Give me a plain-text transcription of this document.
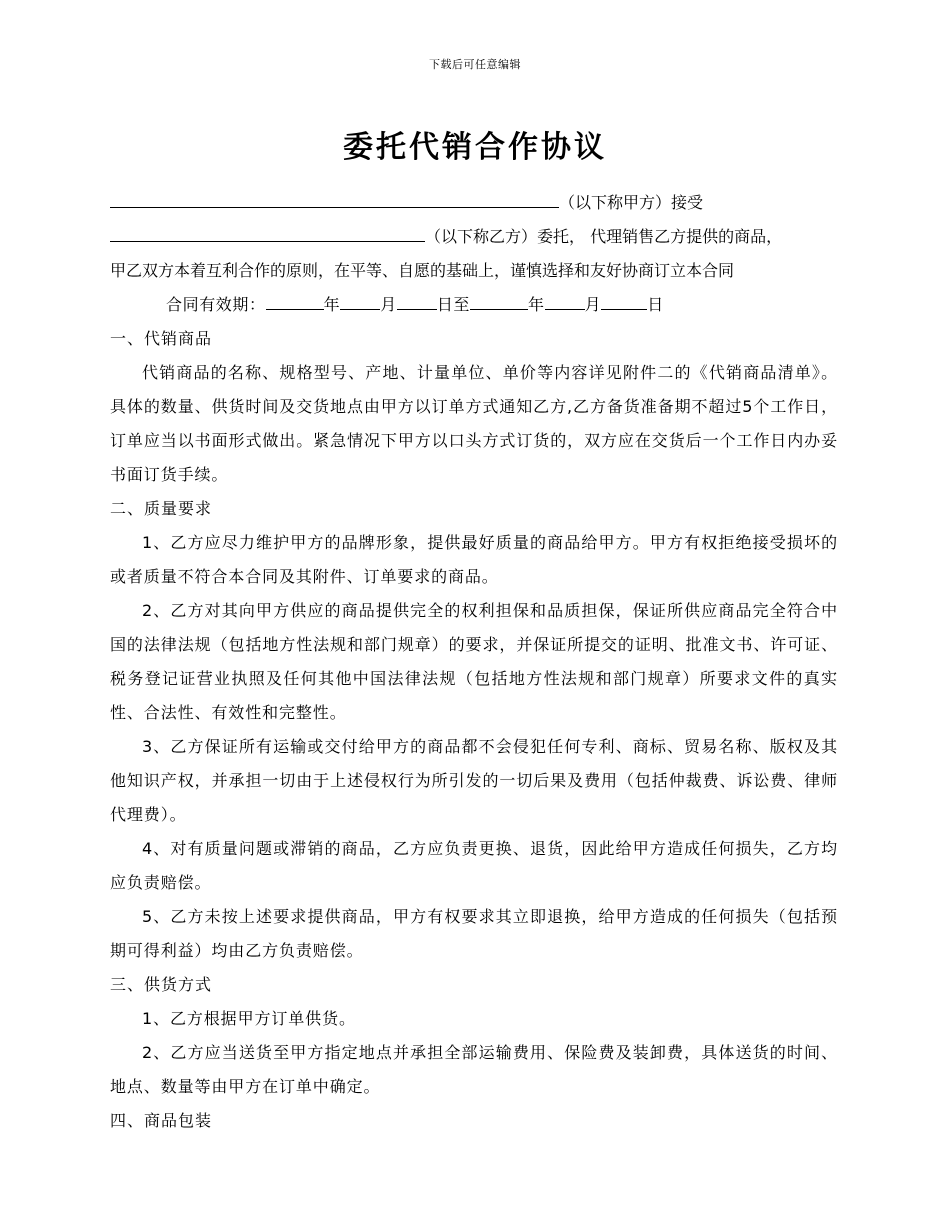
下载后可任意编辑
委托代销合作协议
（以下称甲方）接受
（以下称乙方）委托， 代理销售乙方提供的商品，
甲乙双方本着互利合作的原则，在平等、自愿的基础上，谨慎选择和友好协商订立本合同
合同有效期：	年	月	日至	年	月	日
一、代销商品
代销商品的名称、规格型号、产地、计量单位、单价等内容详见附件二的《代销商品清单》。具体的数量、供货时间及交货地点由甲方以订单方式通知乙方,乙方备货准备期不超过5个工作日，订单应当以书面形式做出。紧急情况下甲方以口头方式订货的，双方应在交货后一个工作日内办妥书面订货手续。
二、质量要求
1、乙方应尽力维护甲方的品牌形象，提供最好质量的商品给甲方。甲方有权拒绝接受损坏的或者质量不符合本合同及其附件、订单要求的商品。
2、乙方对其向甲方供应的商品提供完全的权利担保和品质担保，保证所供应商品完全符合中国的法律法规（包括地方性法规和部门规章）的要求，并保证所提交的证明、批准文书、许可证、税务登记证营业执照及任何其他中国法律法规（包括地方性法规和部门规章）所要求文件的真实性、合法性、有效性和完整性。
3、乙方保证所有运输或交付给甲方的商品都不会侵犯任何专利、商标、贸易名称、版权及其他知识产权，并承担一切由于上述侵权行为所引发的一切后果及费用（包括仲裁费、诉讼费、律师代理费）。
4、对有质量问题或滞销的商品，乙方应负责更换、退货，因此给甲方造成任何损失，乙方均应负责赔偿。
5、乙方未按上述要求提供商品，甲方有权要求其立即退换，给甲方造成的任何损失（包括预期可得利益）均由乙方负责赔偿。
三、供货方式
1、乙方根据甲方订单供货。
2、乙方应当送货至甲方指定地点并承担全部运输费用、保险费及装卸费，具体送货的时间、地点、数量等由甲方在订单中确定。
四、商品包装
